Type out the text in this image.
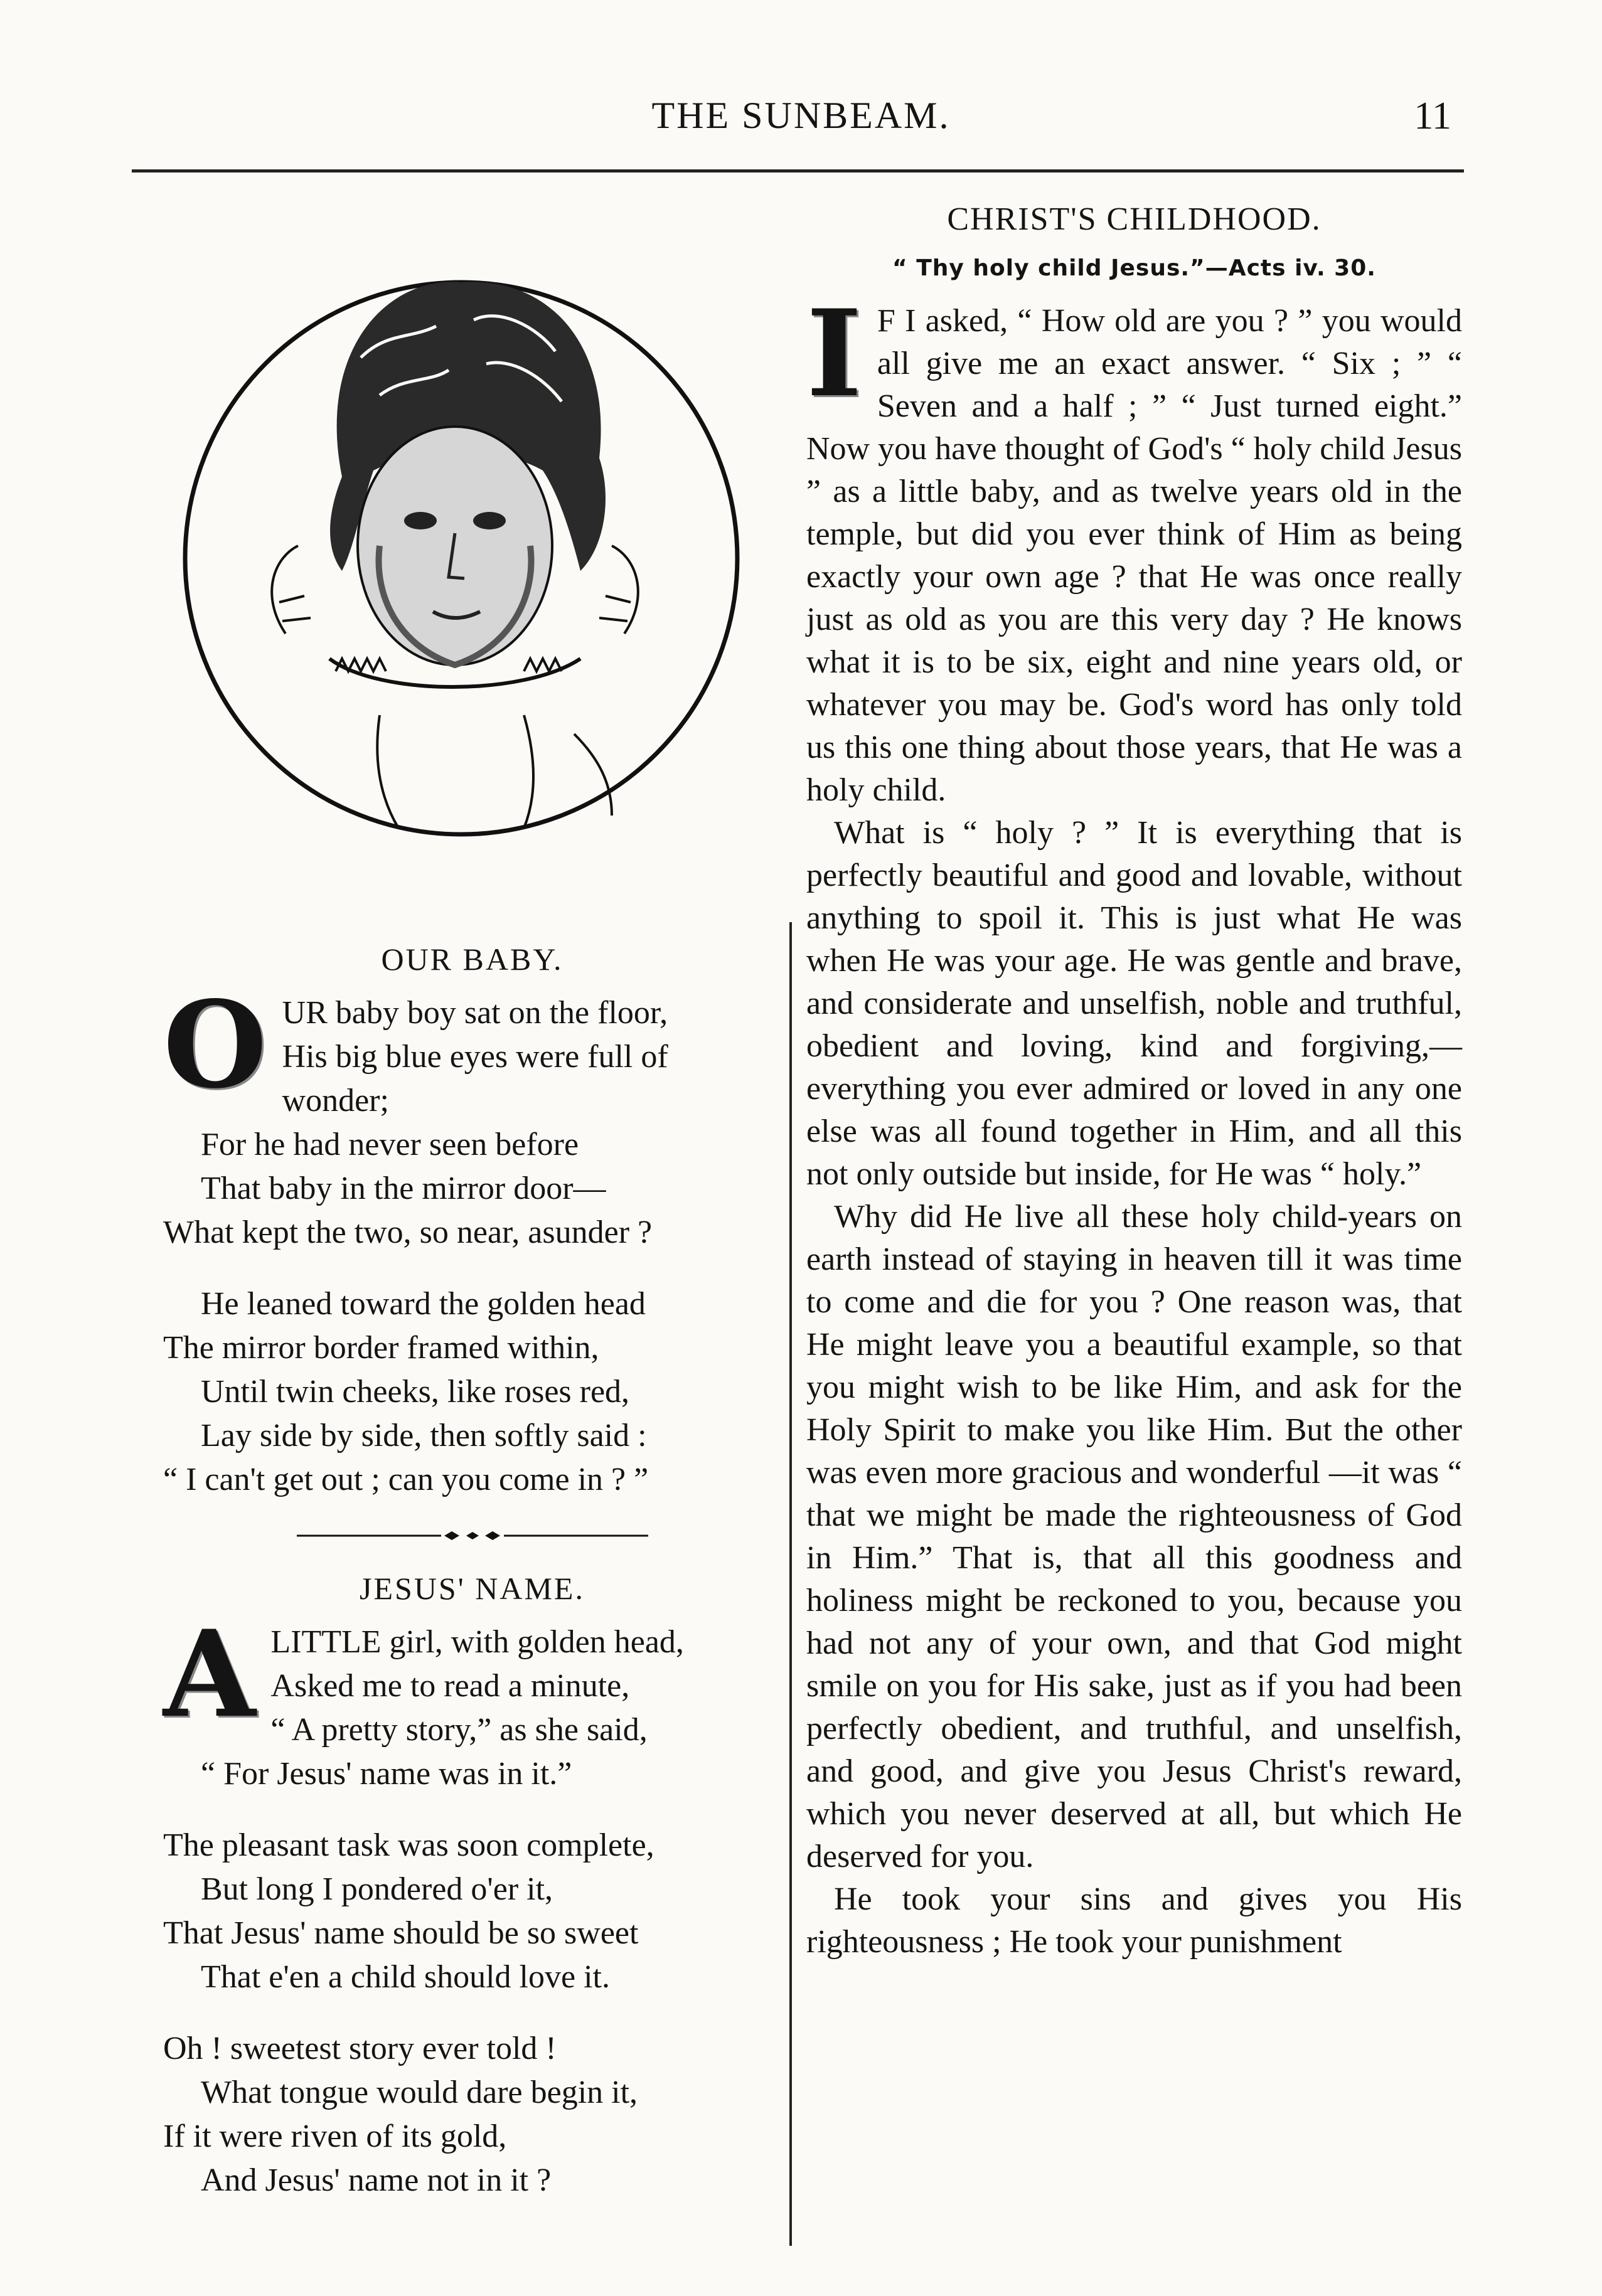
THE SUNBEAM.	11
OUR BABY.
O UR baby boy sat on the floor,
His big blue eyes were full of
wonder;
For he had never seen before
That baby in the mirror door—
What kept the two, so near, asunder ?
He leaned toward the golden head
The mirror border framed within,
Until twin cheeks, like roses red,
Lay side by side, then softly said :
“ I can't get out ; can you come in ? ”
JESUS' NAME.
A LITTLE girl, with golden head,
Asked me to read a minute,
“ A pretty story,” as she said,
“ For Jesus' name was in it.”
The pleasant task was soon complete,
But long I pondered o'er it,
That Jesus' name should be so sweet
That e'en a child should love it.
Oh ! sweetest story ever told !
What tongue would dare begin it,
If it were riven of its gold,
And Jesus' name not in it ?
CHRIST'S CHILDHOOD.
“ Thy holy child Jesus.”—Acts iv. 30.

I F I asked, “ How old are you ? ” you would all give me an exact answer. “ Six ; ” “ Seven and a half ; ” “ Just turned eight.” Now you have thought of God's “ holy child Jesus ” as a little baby, and as twelve years old in the temple, but did you ever think of Him as being exactly your own age ? that He was once really just as old as you are this very day ? He knows what it is to be six, eight and nine years old, or whatever you may be. God's word has only told us this one thing about those years, that He was a holy child.

What is “ holy ? ” It is everything that is perfectly beautiful and good and lovable, without anything to spoil it. This is just what He was when He was your age. He was gentle and brave, and considerate and unselfish, noble and truthful, obedient and loving, kind and forgiving,—everything you ever admired or loved in any one else was all found together in Him, and all this not only outside but inside, for He was “ holy.”

Why did He live all these holy child-years on earth instead of staying in heaven till it was time to come and die for you ? One reason was, that He might leave you a beautiful example, so that you might wish to be like Him, and ask for the Holy Spirit to make you like Him. But the other was even more gracious and wonderful —it was “ that we might be made the righteousness of God in Him.” That is, that all this goodness and holiness might be reckoned to you, because you had not any of your own, and that God might smile on you for His sake, just as if you had been perfectly obedient, and truthful, and unselfish, and good, and give you Jesus Christ's reward, which you never deserved at all, but which He deserved for you.

He took your sins and gives you His righteousness ; He took your punishment
